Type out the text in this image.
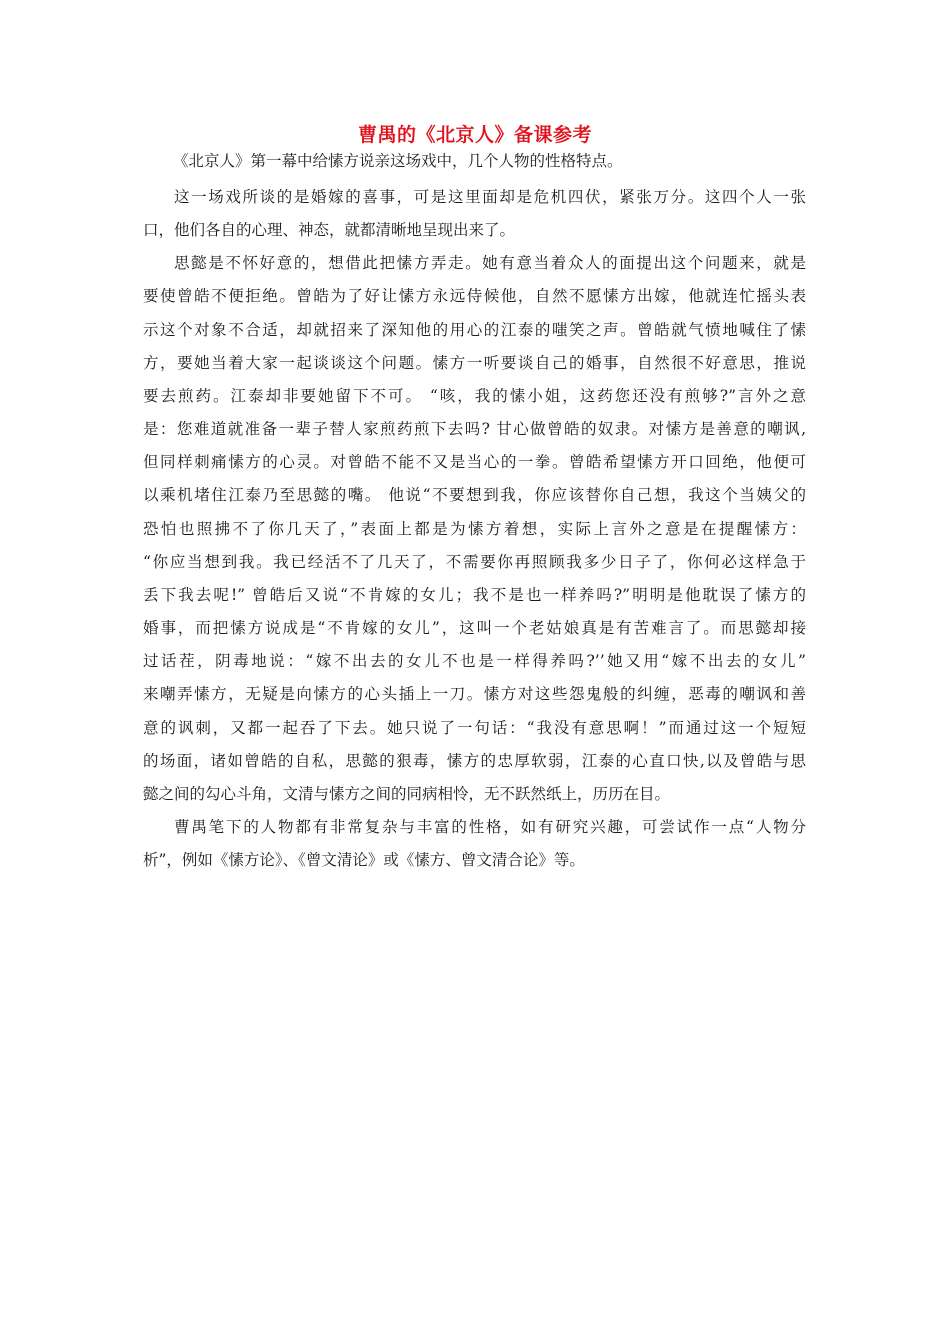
曹禺的《北京人》备课参考

《北京人》第一幕中给愫方说亲这场戏中，几个人物的性格特点。

这一场戏所谈的是婚嫁的喜事，可是这里面却是危机四伏，紧张万分。这四个人一张
口，他们各自的心理、神态，就都清晰地呈现出来了。

思懿是不怀好意的，想借此把愫方弄走。她有意当着众人的面提出这个问题来，就是
要使曾皓不便拒绝。曾皓为了好让愫方永远侍候他，自然不愿愫方出嫁，他就连忙摇头表
示这个对象不合适，却就招来了深知他的用心的江泰的嗤笑之声。曾皓就气愤地喊住了愫
方，要她当着大家一起谈谈这个问题。愫方一听要谈自己的婚事，自然很不好意思，推说
要去煎药。江泰却非要她留下不可。 “咳，我的愫小姐，这药您还没有煎够?”言外之意
是：您难道就准备一辈子替人家煎药煎下去吗? 甘心做曾皓的奴隶。对愫方是善意的嘲讽,
但同样刺痛愫方的心灵。对曾皓不能不又是当心的一拳。曾皓希望愫方开口回绝，他便可
以乘机堵住江泰乃至思懿的嘴。 他说“不要想到我，你应该替你自己想，我这个当姨父的
恐怕也照拂不了你几天了，”表面上都是为愫方着想，实际上言外之意是在提醒愫方：
“你应当想到我。我已经活不了几天了，不需要你再照顾我多少日子了，你何必这样急于
丢下我去呢!” 曾皓后又说“不肯嫁的女儿；我不是也一样养吗?”明明是他耽误了愫方的
婚事，而把愫方说成是“不肯嫁的女儿”，这叫一个老姑娘真是有苦难言了。而思懿却接
过话茬，阴毒地说：“嫁不出去的女儿不也是一样得养吗?’’她又用“嫁不出去的女儿”
来嘲弄愫方，无疑是向愫方的心头插上一刀。愫方对这些怨鬼般的纠缠，恶毒的嘲讽和善
意的讽刺，又都一起吞了下去。她只说了一句话：“我没有意思啊！”而通过这一个短短
的场面，诸如曾皓的自私，思懿的狠毒，愫方的忠厚软弱，江泰的心直口快,以及曾皓与思
懿之间的勾心斗角，文清与愫方之间的同病相怜，无不跃然纸上，历历在目。

曹禺笔下的人物都有非常复杂与丰富的性格，如有研究兴趣，可尝试作一点“人物分
析”，例如《愫方论》、《曾文清论》或《愫方、曾文清合论》等。
